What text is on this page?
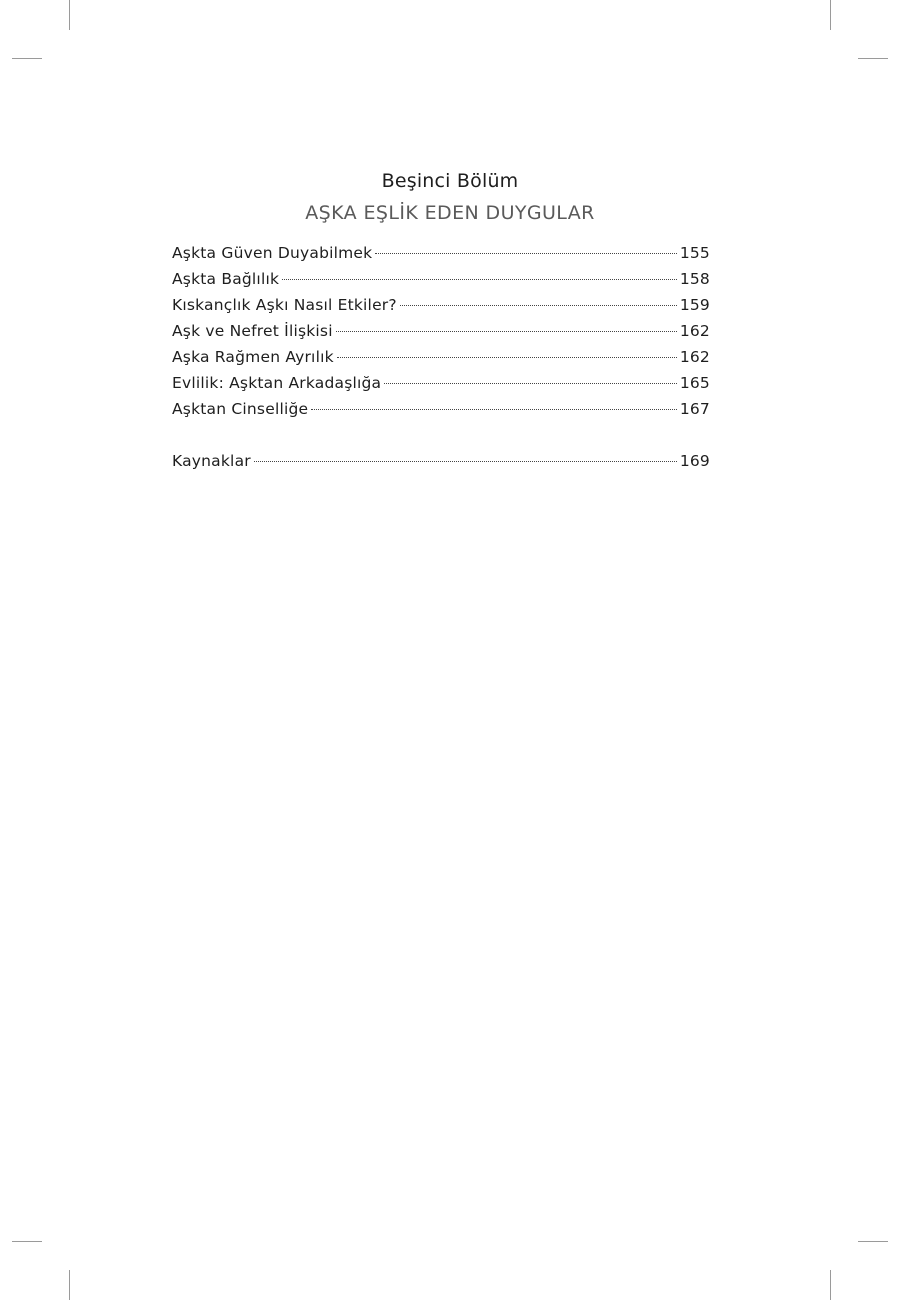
Beşinci Bölüm
AŞKA EŞLİK EDEN DUYGULAR
Aşkta Güven Duyabilmek	155
Aşkta Bağlılık	158
Kıskançlık Aşkı Nasıl Etkiler?	159
Aşk ve Nefret İlişkisi	162
Aşka Rağmen Ayrılık	162
Evlilik: Aşktan Arkadaşlığa	165
Aşktan Cinselliğe	167
Kaynaklar	169
